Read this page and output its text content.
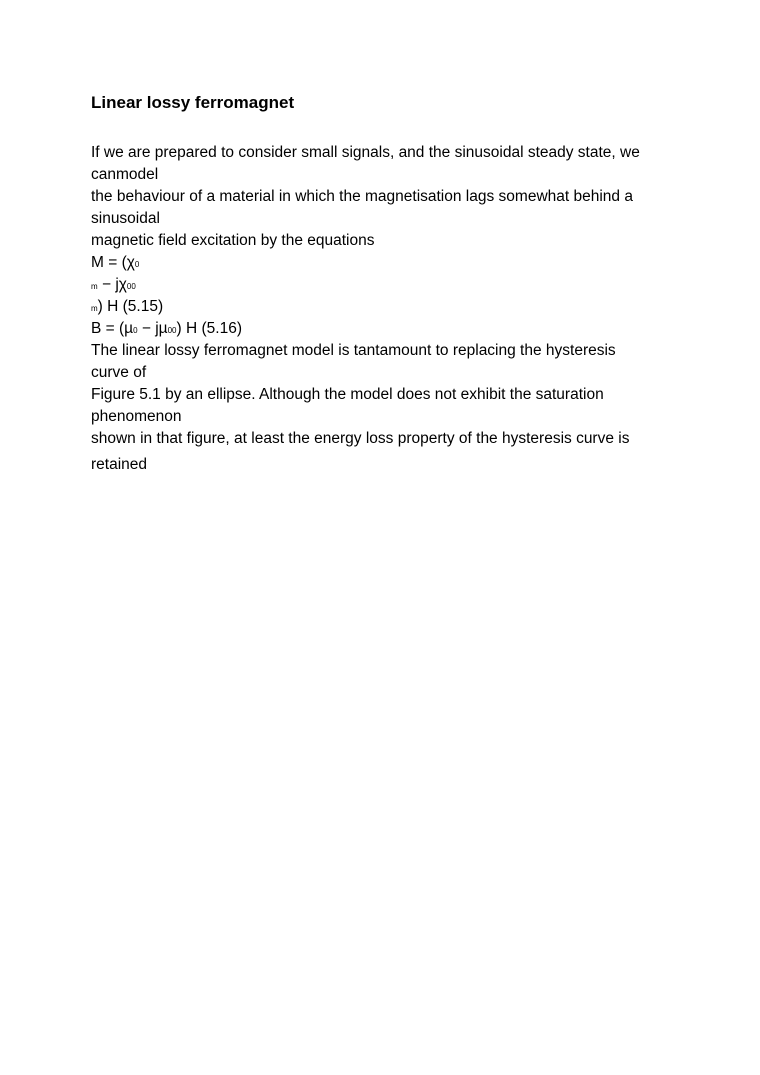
Linear lossy ferromagnet
If we are prepared to consider small signals, and the sinusoidal steady state, we
canmodel
the behaviour of a material in which the magnetisation lags somewhat behind a
sinusoidal
magnetic field excitation by the equations
M = (χ0
m − jχ00
m) H (5.15)
B = (µ0 − jµ00) H (5.16)
The linear lossy ferromagnet model is tantamount to replacing the hysteresis
curve of
Figure 5.1 by an ellipse. Although the model does not exhibit the saturation
phenomenon
shown in that figure, at least the energy loss property of the hysteresis curve is
retained
